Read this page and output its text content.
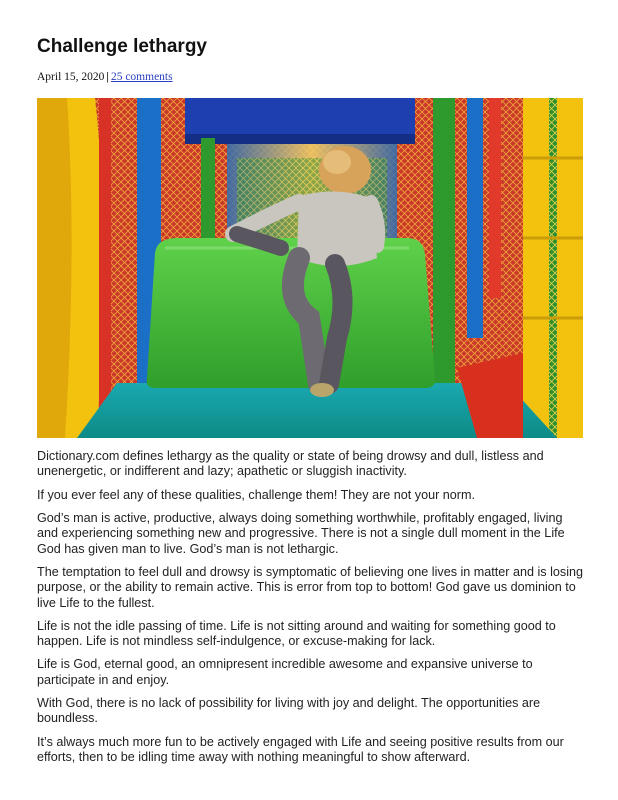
Challenge lethargy
April 15, 2020 | 25 comments

Dictionary.com defines lethargy as the quality or state of being drowsy and dull, listless and unenergetic, or indifferent and lazy; apathetic or sluggish inactivity.

If you ever feel any of these qualities, challenge them! They are not your norm.

God’s man is active, productive, always doing something worthwhile, profitably engaged, living and experiencing something new and progressive. There is not a single dull moment in the Life God has given man to live. God’s man is not lethargic.

The temptation to feel dull and drowsy is symptomatic of believing one lives in matter and is losing purpose, or the ability to remain active. This is error from top to bottom! God gave us dominion to live Life to the fullest.

Life is not the idle passing of time. Life is not sitting around and waiting for something good to happen. Life is not mindless self-indulgence, or excuse-making for lack.

Life is God, eternal good, an omnipresent incredible awesome and expansive universe to participate in and enjoy.

With God, there is no lack of possibility for living with joy and delight. The opportunities are boundless.

It’s always much more fun to be actively engaged with Life and seeing positive results from our efforts, then to be idling time away with nothing meaningful to show afterward.
